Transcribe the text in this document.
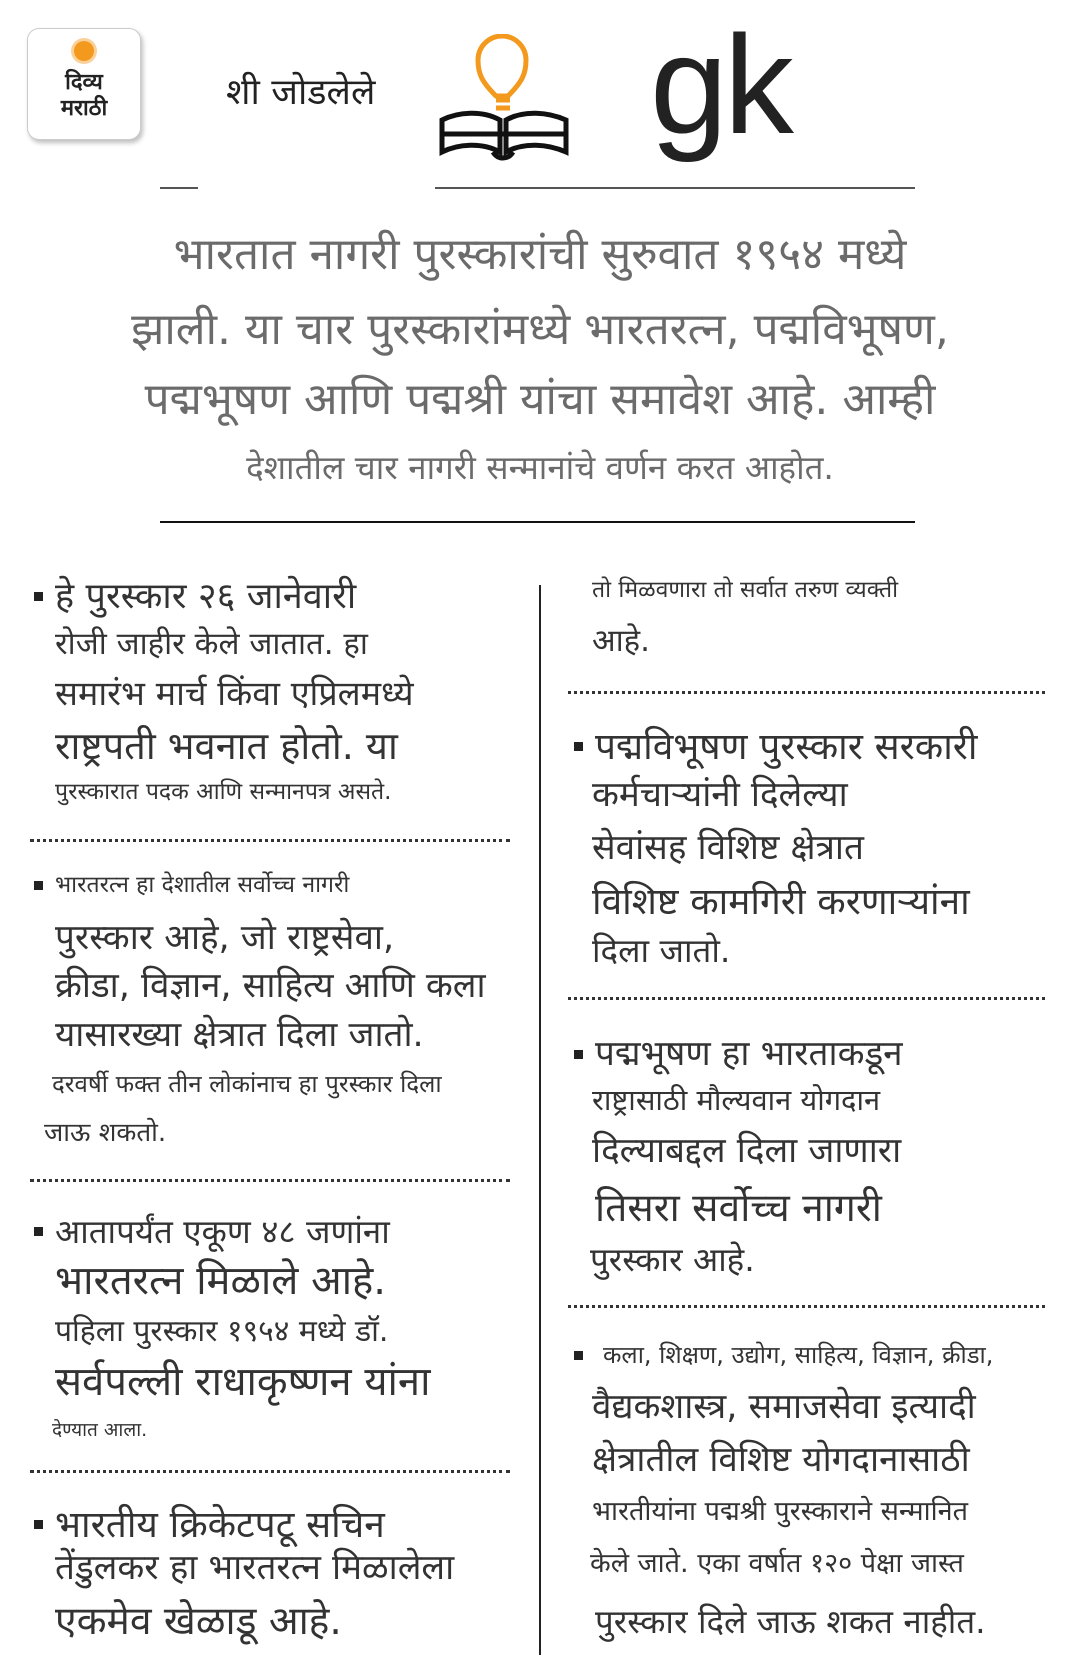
दिव्य
मराठी	शी जोडलेले gk
भारतात नागरी पुरस्कारांची सुरुवात १९५४ मध्ये
झाली. या चार पुरस्कारांमध्ये भारतरत्न, पद्मविभूषण,
पद्मभूषण आणि पद्मश्री यांचा समावेश आहे. आम्ही
देशातील चार नागरी सन्मानांचे वर्णन करत आहोत.
हे पुरस्कार २६ जानेवारी
रोजी जाहीर केले जातात. हा
समारंभ मार्च किंवा एप्रिलमध्ये
राष्ट्रपती भवनात होतो. या
पुरस्कारात पदक आणि सन्मानपत्र असते.
भारतरत्न हा देशातील सर्वोच्च नागरी
पुरस्कार आहे, जो राष्ट्रसेवा,
क्रीडा, विज्ञान, साहित्य आणि कला
यासारख्या क्षेत्रात दिला जातो.
दरवर्षी फक्त तीन लोकांनाच हा पुरस्कार दिला
जाऊ शकतो.
आतापर्यंत एकूण ४८ जणांना
भारतरत्न मिळाले आहे.
पहिला पुरस्कार १९५४ मध्ये डॉ.
सर्वपल्ली राधाकृष्णन यांना
देण्यात आला.
भारतीय क्रिकेटपटू सचिन
तेंडुलकर हा भारतरत्न मिळालेला
एकमेव खेळाडू आहे.
तो मिळवणारा तो सर्वात तरुण व्यक्ती
आहे.
पद्मविभूषण पुरस्कार सरकारी
कर्मचाऱ्यांनी दिलेल्या
सेवांसह विशिष्ट क्षेत्रात
विशिष्ट कामगिरी करणाऱ्यांना
दिला जातो.
पद्मभूषण हा भारताकडून
राष्ट्रासाठी मौल्यवान योगदान
दिल्याबद्दल दिला जाणारा
तिसरा सर्वोच्च नागरी
पुरस्कार आहे.
कला, शिक्षण, उद्योग, साहित्य, विज्ञान, क्रीडा,
वैद्यकशास्त्र, समाजसेवा इत्यादी
क्षेत्रातील विशिष्ट योगदानासाठी
भारतीयांना पद्मश्री पुरस्काराने सन्मानित
केले जाते. एका वर्षात १२० पेक्षा जास्त
पुरस्कार दिले जाऊ शकत नाहीत.
